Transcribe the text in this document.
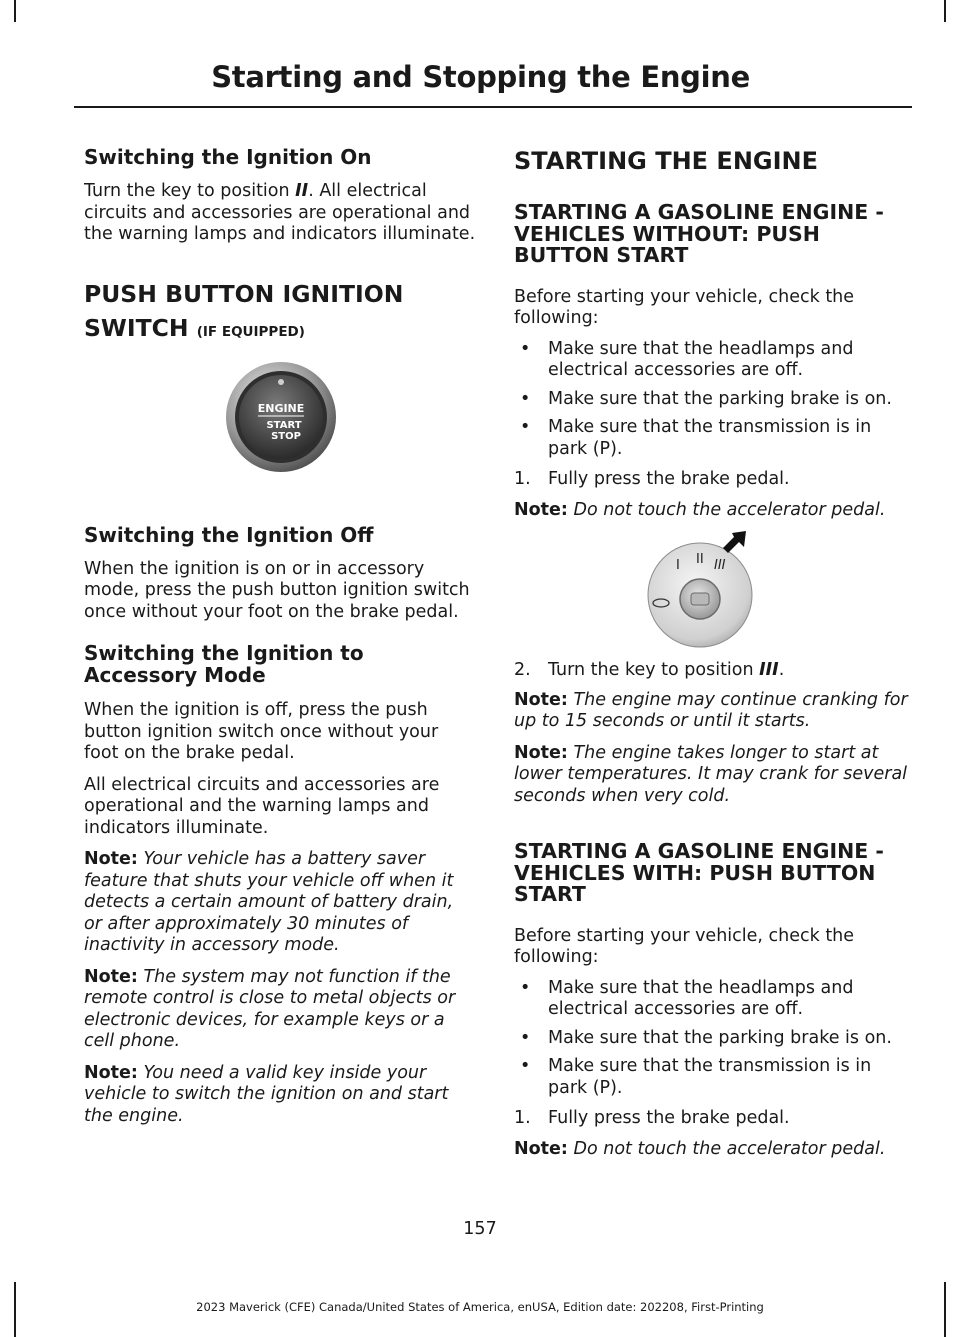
Starting and Stopping the Engine
Switching the Ignition On

Turn the key to position II. All electrical circuits and accessories are operational and the warning lamps and indicators illuminate.

PUSH BUTTON IGNITION
SWITCH (IF EQUIPPED)
ENGINE
START
STOP
Switching the Ignition Off

When the ignition is on or in accessory mode, press the push button ignition switch once without your foot on the brake pedal.

Switching the Ignition to Accessory Mode

When the ignition is off, press the push button ignition switch once without your foot on the brake pedal.

All electrical circuits and accessories are operational and the warning lamps and indicators illuminate.

Note: Your vehicle has a battery saver feature that shuts your vehicle off when it detects a certain amount of battery drain, or after approximately 30 minutes of inactivity in accessory mode.

Note: The system may not function if the remote control is close to metal objects or electronic devices, for example keys or a cell phone.

Note: You need a valid key inside your vehicle to switch the ignition on and start the engine.

STARTING THE ENGINE
STARTING A GASOLINE ENGINE - VEHICLES WITHOUT: PUSH BUTTON START

Before starting your vehicle, check the following:

• Make sure that the headlamps and electrical accessories are off.
• Make sure that the parking brake is on.
• Make sure that the transmission is in park (P).
1. Fully press the brake pedal.

Note: Do not touch the accelerator pedal.

I II III
2. Turn the key to position III.

Note: The engine may continue cranking for up to 15 seconds or until it starts.

Note: The engine takes longer to start at lower temperatures. It may crank for several seconds when very cold.

STARTING A GASOLINE ENGINE - VEHICLES WITH: PUSH BUTTON START

Before starting your vehicle, check the following:

• Make sure that the headlamps and electrical accessories are off.
• Make sure that the parking brake is on.
• Make sure that the transmission is in park (P).
1. Fully press the brake pedal.

Note: Do not touch the accelerator pedal.

157
2023 Maverick (CFE) Canada/United States of America, enUSA, Edition date: 202208, First-Printing
